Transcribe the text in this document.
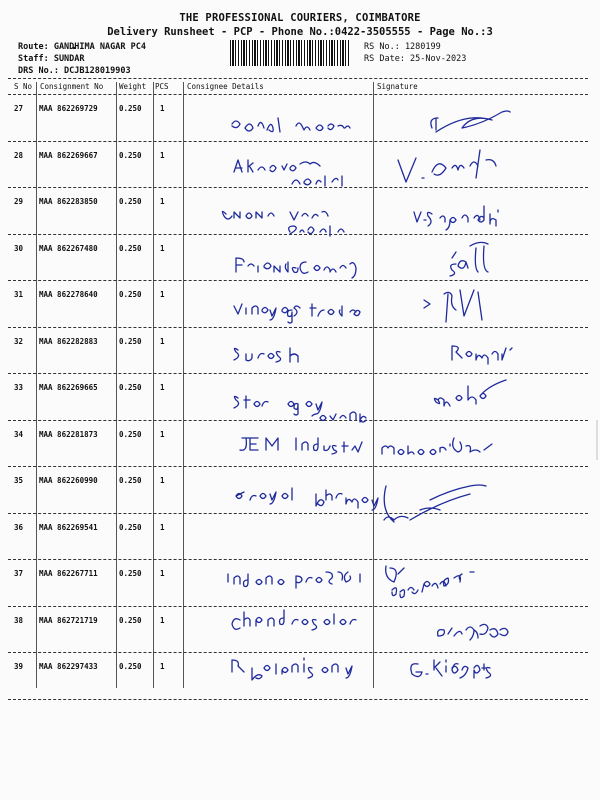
THE PROFESSIONAL COURIERS, COIMBATORE
Delivery Runsheet - PCP - Phone No.:0422-3505555 - Page No.:3
Route: GANDHIMA NAGAR PC4
Staff: SUNDAR
DRS No.: DCJB128019903
RS No.: 1280199
RS Date: 25-Nov-2023
S No Consignment No Weight PCS Consignee Details	Signature
27 MAA 862269729	0.250 1
28 MAA 862269667	0.250 1
29 MAA 862283850	0.250 1
30 MAA 862267480	0.250 1
31 MAA 862278640	0.250 1
32 MAA 862282883	0.250 1
33 MAA 862269665	0.250 1
34 MAA 862281873	0.250 1
35 MAA 862260990	0.250 1
36 MAA 862269541	0.250 1
37 MAA 862267711	0.250 1
38 MAA 862721719	0.250 1
39 MAA 862297433	0.250 1
